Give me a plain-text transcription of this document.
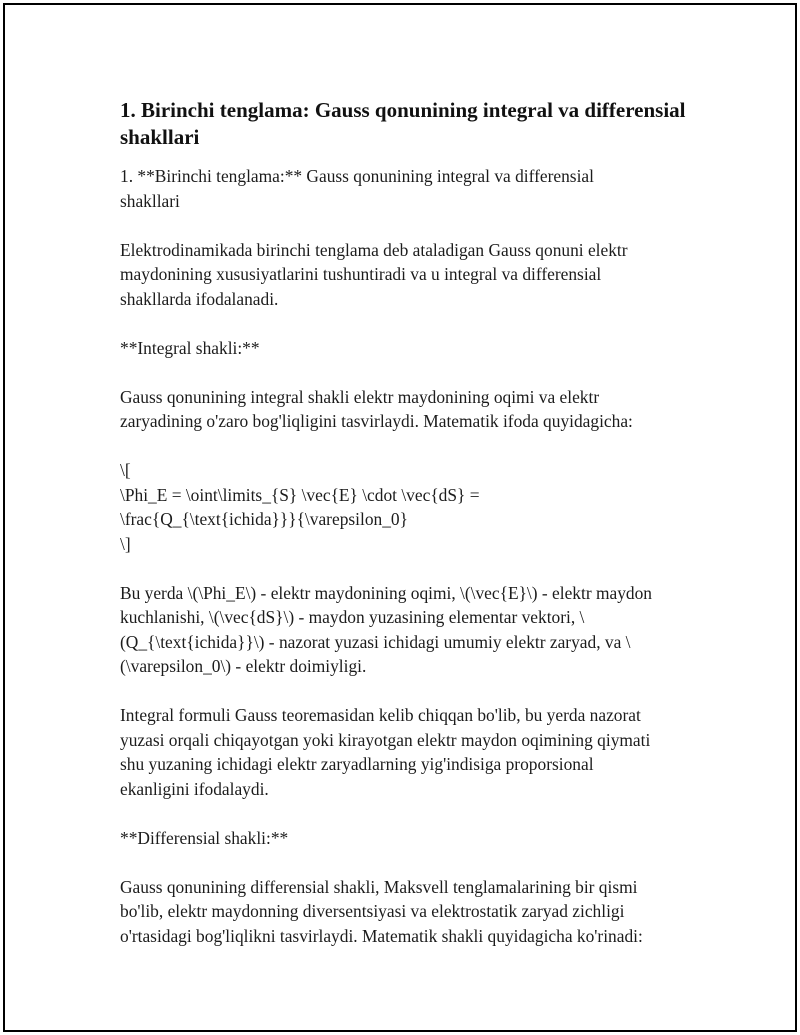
1. Birinchi tenglama: Gauss qonunining integral va differensial shakllari

1. **Birinchi tenglama:** Gauss qonunining integral va differensial
shakllari

Elektrodinamikada birinchi tenglama deb ataladigan Gauss qonuni elektr
maydonining xususiyatlarini tushuntiradi va u integral va differensial
shakllarda ifodalanadi.

**Integral shakli:**

Gauss qonunining integral shakli elektr maydonining oqimi va elektr
zaryadining o'zaro bog'liqligini tasvirlaydi. Matematik ifoda quyidagicha:

\[
\Phi_E = \oint\limits_{S} \vec{E} \cdot \vec{dS} =
\frac{Q_{\text{ichida}}}{\varepsilon_0}
\]

Bu yerda \(\Phi_E\) - elektr maydonining oqimi, \(\vec{E}\) - elektr maydon
kuchlanishi, \(\vec{dS}\) - maydon yuzasining elementar vektori, \
(Q_{\text{ichida}}\) - nazorat yuzasi ichidagi umumiy elektr zaryad, va \
(\varepsilon_0\) - elektr doimiyligi.

Integral formuli Gauss teoremasidan kelib chiqqan bo'lib, bu yerda nazorat
yuzasi orqali chiqayotgan yoki kirayotgan elektr maydon oqimining qiymati
shu yuzaning ichidagi elektr zaryadlarning yig'indisiga proporsional
ekanligini ifodalaydi.

**Differensial shakli:**

Gauss qonunining differensial shakli, Maksvell tenglamalarining bir qismi
bo'lib, elektr maydonning diversentsiyasi va elektrostatik zaryad zichligi
o'rtasidagi bog'liqlikni tasvirlaydi. Matematik shakli quyidagicha ko'rinadi:
